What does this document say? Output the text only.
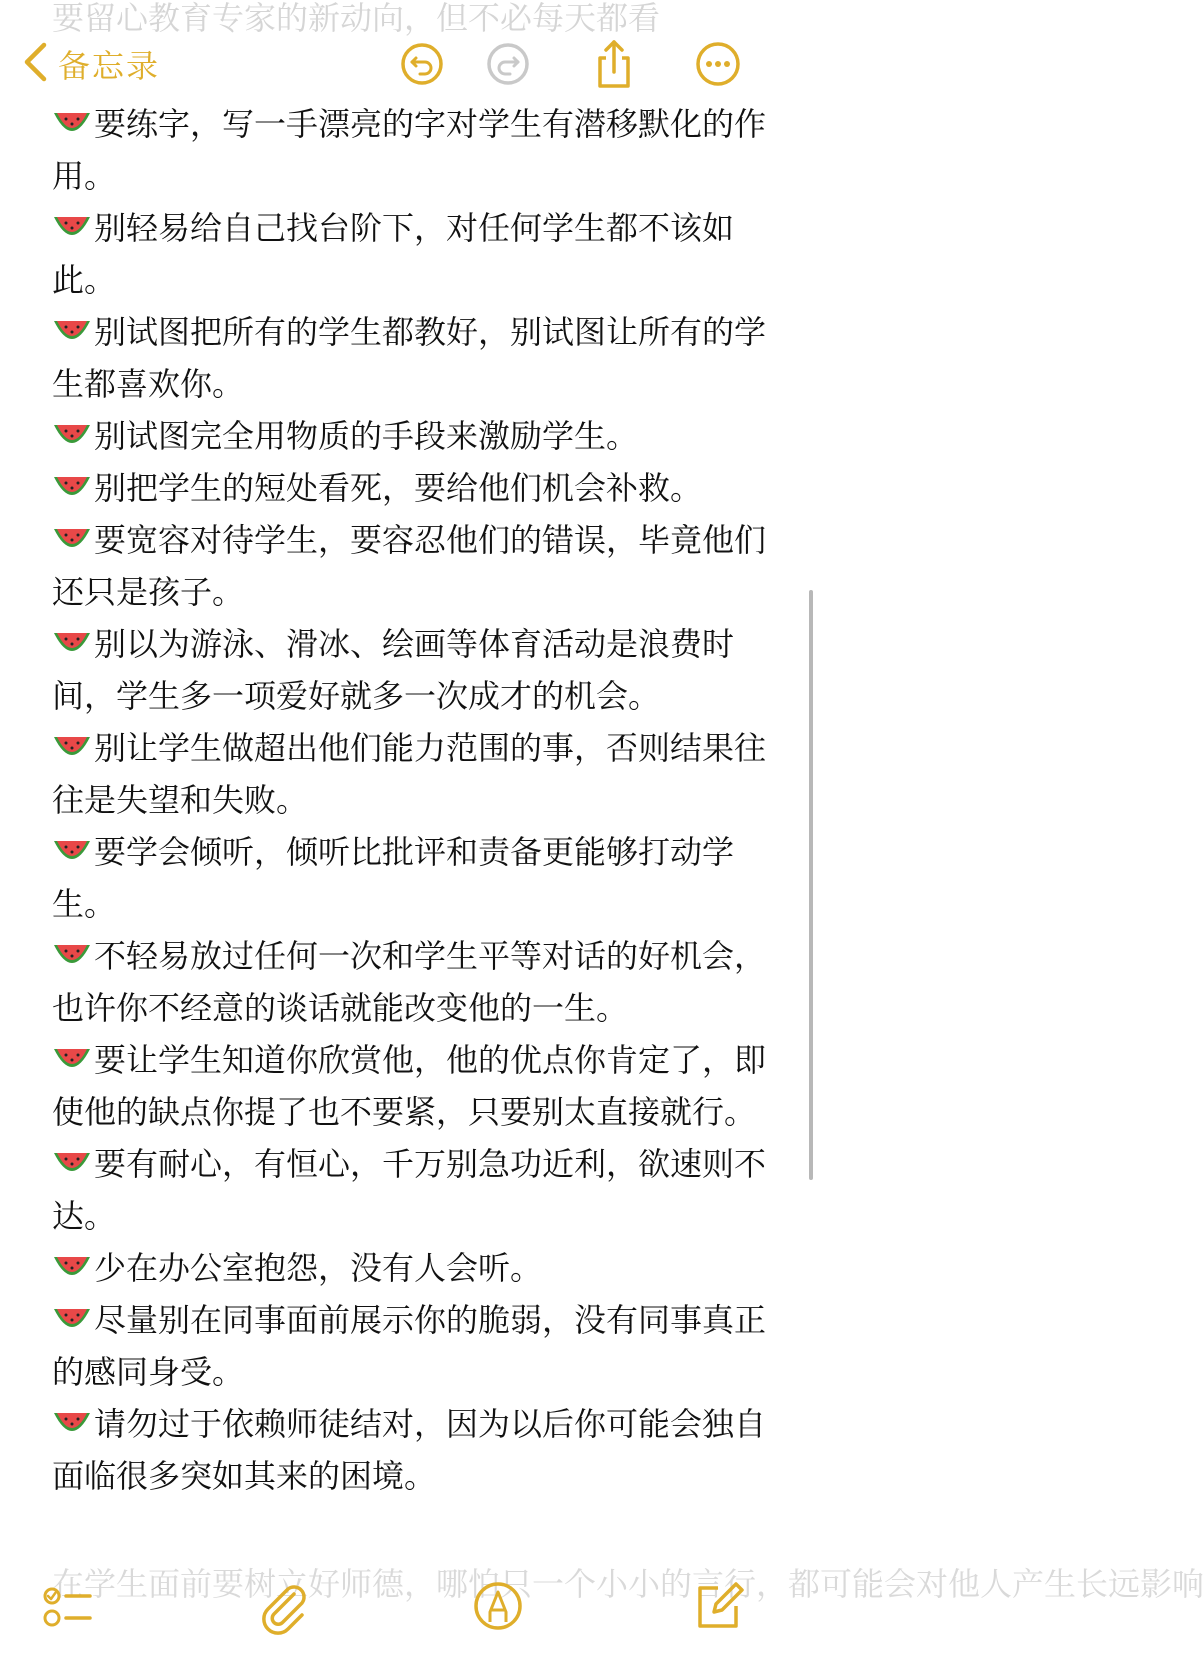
要留心教育专家的新动向，但不必每天都看
备忘录

要练字，写一手漂亮的字对学生有潜移默化的作用。

别轻易给自己找台阶下，对任何学生都不该如此。

别试图把所有的学生都教好，别试图让所有的学生都喜欢你。

别试图完全用物质的手段来激励学生。

别把学生的短处看死，要给他们机会补救。

要宽容对待学生，要容忍他们的错误，毕竟他们还只是孩子。

别以为游泳、滑冰、绘画等体育活动是浪费时间，学生多一项爱好就多一次成才的机会。

别让学生做超出他们能力范围的事，否则结果往往是失望和失败。

要学会倾听，倾听比批评和责备更能够打动学生。

不轻易放过任何一次和学生平等对话的好机会，也许你不经意的谈话就能改变他的一生。

要让学生知道你欣赏他，他的优点你肯定了，即使他的缺点你提了也不要紧，只要别太直接就行。

要有耐心，有恒心，千万别急功近利，欲速则不达。

少在办公室抱怨，没有人会听。

尽量别在同事面前展示你的脆弱，没有同事真正的感同身受。

请勿过于依赖师徒结对，因为以后你可能会独自面临很多突如其来的困境。

在学生面前要树立好师德，哪怕只一个小小的言行，都可能会对他人产生长远影响
